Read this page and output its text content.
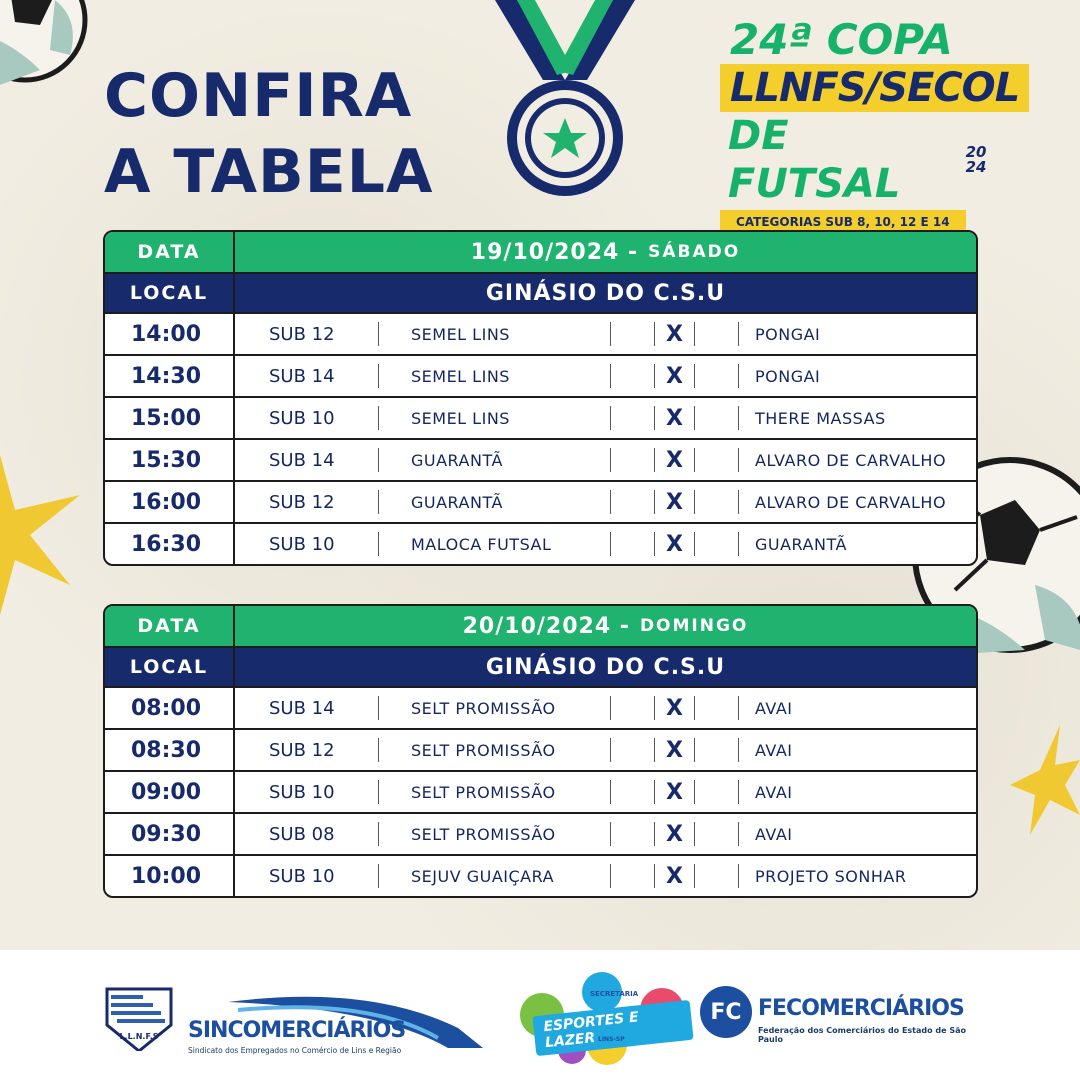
CONFIRA
A TABELA
24ª COPA
LLNFS/SECOL
DE FUTSAL
20
24
CATEGORIAS SUB 8, 10, 12 E 14
DATA	19/10/2024 - SÁBADO
LOCAL	GINÁSIO DO C.S.U
14:00	SUB 12	SEMEL LINS	X	PONGAI
14:30	SUB 14	SEMEL LINS	X	PONGAI
15:00	SUB 10	SEMEL LINS	X	THERE MASSAS
15:30	SUB 14	GUARANTÃ	X	ALVARO DE CARVALHO
16:00	SUB 12	GUARANTÃ	X	ALVARO DE CARVALHO
16:30	SUB 10	MALOCA FUTSAL	X	GUARANTÃ
DATA	20/10/2024 - DOMINGO
LOCAL	GINÁSIO DO C.S.U
08:00	SUB 14	SELT PROMISSÃO	X	AVAI
08:30	SUB 12	SELT PROMISSÃO	X	AVAI
09:00	SUB 10	SELT PROMISSÃO	X	AVAI
09:30	SUB 08	SELT PROMISSÃO	X	AVAI
10:00	SUB 10	SEJUV GUAIÇARA	X	PROJETO SONHAR
L.L.N.F.S SINCOMERCIÁRIOS
Sindicato dos Empregados no Comércio de Lins e Região
SECRETARIA
ESPORTES E LAZER LINS-SP
FC FECOMERCIÁRIOS
Federação dos Comerciários do Estado de São Paulo
